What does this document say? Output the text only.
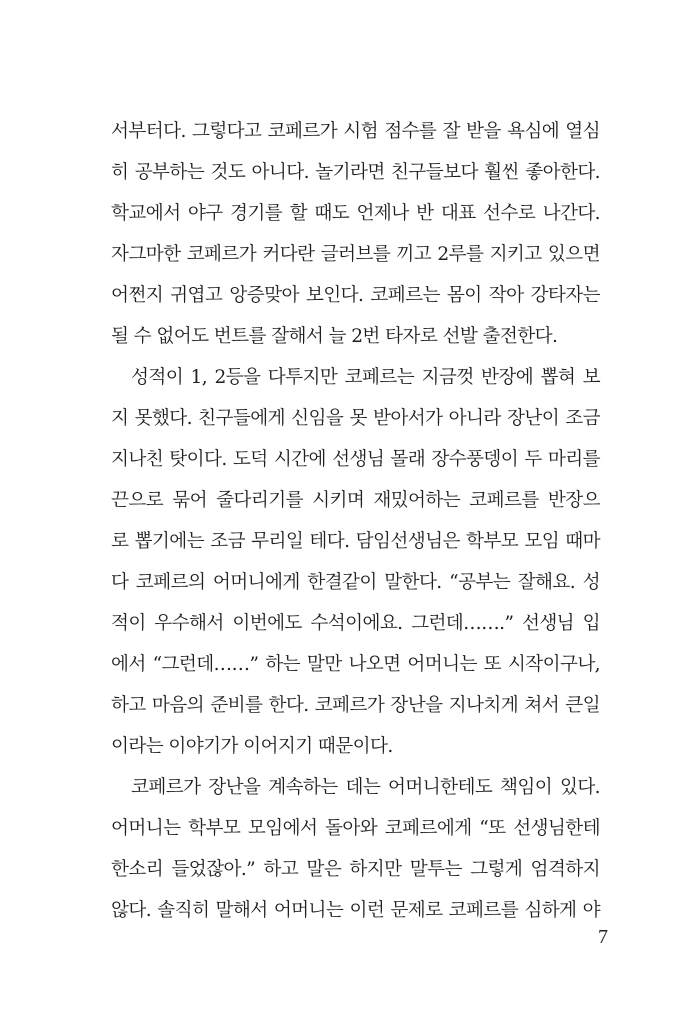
서부터다. 그렇다고 코페르가 시험 점수를 잘 받을 욕심에 열심
히 공부하는 것도 아니다. 놀기라면 친구들보다 훨씬 좋아한다.
학교에서 야구 경기를 할 때도 언제나 반 대표 선수로 나간다.
자그마한 코페르가 커다란 글러브를 끼고 2루를 지키고 있으면
어쩐지 귀엽고 앙증맞아 보인다. 코페르는 몸이 작아 강타자는
될 수 없어도 번트를 잘해서 늘 2번 타자로 선발 출전한다.
성적이 1, 2등을 다투지만 코페르는 지금껏 반장에 뽑혀 보
지 못했다. 친구들에게 신임을 못 받아서가 아니라 장난이 조금
지나친 탓이다. 도덕 시간에 선생님 몰래 장수풍뎅이 두 마리를
끈으로 묶어 줄다리기를 시키며 재밌어하는 코페르를 반장으
로 뽑기에는 조금 무리일 테다. 담임선생님은 학부모 모임 때마
다 코페르의 어머니에게 한결같이 말한다. “공부는 잘해요. 성
적이 우수해서 이번에도 수석이에요. 그런데…….” 선생님 입
에서 “그런데……” 하는 말만 나오면 어머니는 또 시작이구나,
하고 마음의 준비를 한다. 코페르가 장난을 지나치게 쳐서 큰일
이라는 이야기가 이어지기 때문이다.
코페르가 장난을 계속하는 데는 어머니한테도 책임이 있다.
어머니는 학부모 모임에서 돌아와 코페르에게 “또 선생님한테
한소리 들었잖아.” 하고 말은 하지만 말투는 그렇게 엄격하지
않다. 솔직히 말해서 어머니는 이런 문제로 코페르를 심하게 야
7
